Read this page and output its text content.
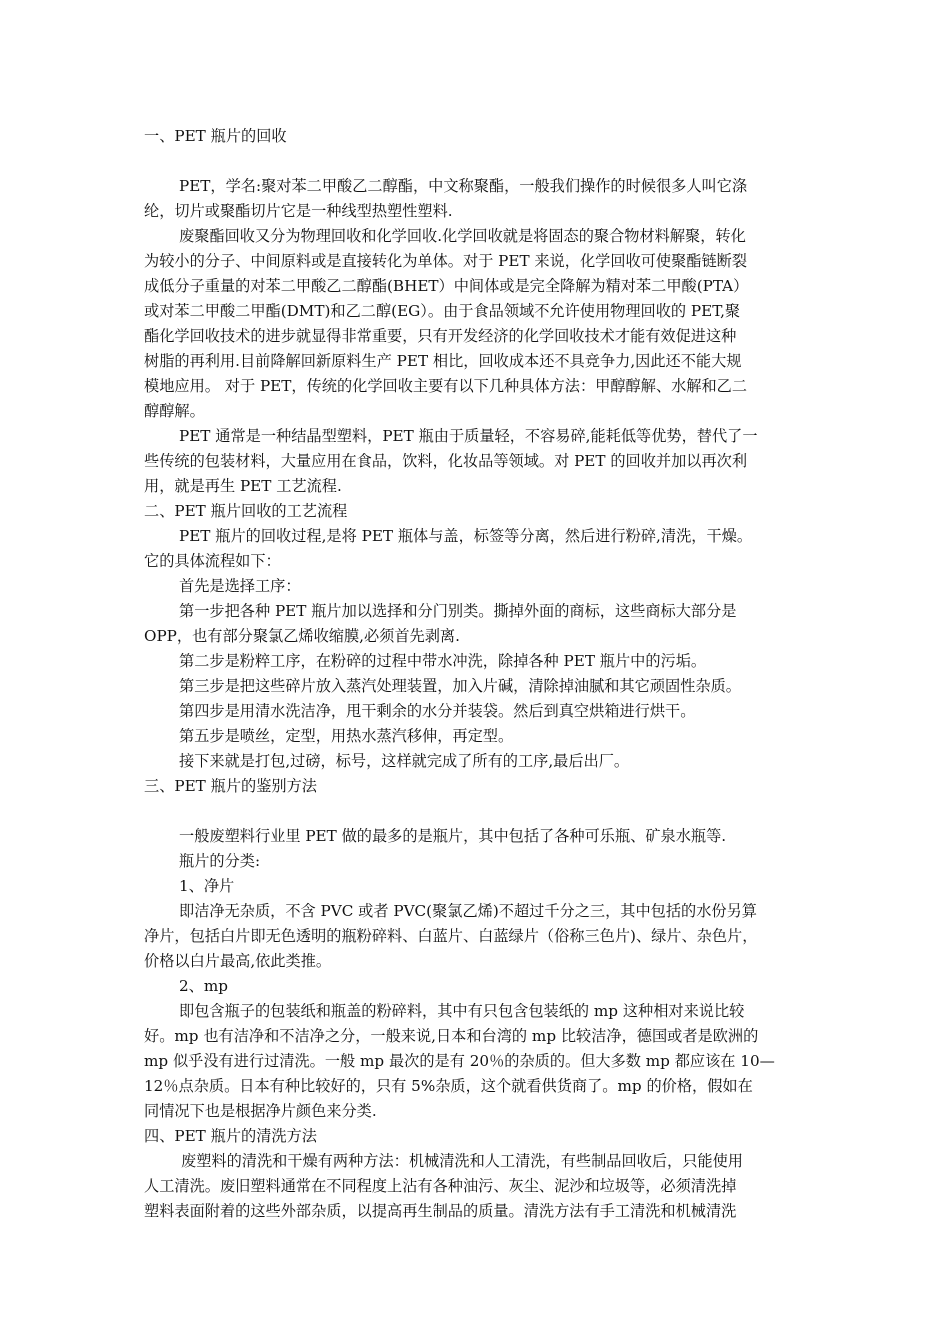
一、PET 瓶片的回收
PET，学名:聚对苯二甲酸乙二醇酯，中文称聚酯，一般我们操作的时候很多人叫它涤
纶，切片或聚酯切片它是一种线型热塑性塑料.
废聚酯回收又分为物理回收和化学回收.化学回收就是将固态的聚合物材料解聚，转化
为较小的分子、中间原料或是直接转化为单体。对于 PET 来说，化学回收可使聚酯链断裂
成低分子重量的对苯二甲酸乙二醇酯(BHET）中间体或是完全降解为精对苯二甲酸(PTA）
或对苯二甲酸二甲酯(DMT)和乙二醇(EG）。由于食品领域不允许使用物理回收的 PET,聚
酯化学回收技术的进步就显得非常重要，只有开发经济的化学回收技术才能有效促进这种
树脂的再利用.目前降解回新原料生产 PET 相比，回收成本还不具竞争力,因此还不能大规
模地应用。 对于 PET，传统的化学回收主要有以下几种具体方法：甲醇醇解、水解和乙二
醇醇解。
PET 通常是一种结晶型塑料，PET 瓶由于质量轻，不容易碎,能耗低等优势，替代了一
些传统的包装材料，大量应用在食品，饮料，化妆品等领域。对 PET 的回收并加以再次利
用，就是再生 PET 工艺流程.
二、PET 瓶片回收的工艺流程
PET 瓶片的回收过程,是将 PET 瓶体与盖，标签等分离，然后进行粉碎,清洗，干燥。
它的具体流程如下：
首先是选择工序：
第一步把各种 PET 瓶片加以选择和分门别类。撕掉外面的商标，这些商标大部分是
OPP，也有部分聚氯乙烯收缩膜,必须首先剥离.
第二步是粉粹工序，在粉碎的过程中带水冲洗，除掉各种 PET 瓶片中的污垢。
第三步是把这些碎片放入蒸汽处理装置，加入片碱，清除掉油腻和其它顽固性杂质。
第四步是用清水洗洁净，甩干剩余的水分并装袋。然后到真空烘箱进行烘干。
第五步是喷丝，定型，用热水蒸汽移伸，再定型。
接下来就是打包,过磅，标号，这样就完成了所有的工序,最后出厂。
三、PET 瓶片的鉴别方法
一般废塑料行业里 PET 做的最多的是瓶片，其中包括了各种可乐瓶、矿泉水瓶等.
瓶片的分类:
1、净片
即洁净无杂质，不含 PVC 或者 PVC(聚氯乙烯)不超过千分之三，其中包括的水份另算
净片，包括白片即无色透明的瓶粉碎料、白蓝片、白蓝绿片（俗称三色片)、绿片、杂色片，
价格以白片最高,依此类推。
2、mp
即包含瓶子的包装纸和瓶盖的粉碎料，其中有只包含包装纸的 mp 这种相对来说比较
好。mp 也有洁净和不洁净之分，一般来说,日本和台湾的 mp 比较洁净，德国或者是欧洲的
mp 似乎没有进行过清洗。一般 mp 最次的是有 20％的杂质的。但大多数 mp 都应该在 10—
12％点杂质。日本有种比较好的，只有 5%杂质，这个就看供货商了。mp 的价格，假如在
同情况下也是根据净片颜色来分类.
四、PET 瓶片的清洗方法
废塑料的清洗和干燥有两种方法：机械清洗和人工清洗，有些制品回收后，只能使用
人工清洗。废旧塑料通常在不同程度上沾有各种油污、灰尘、泥沙和垃圾等，必须清洗掉
塑料表面附着的这些外部杂质，以提高再生制品的质量。清洗方法有手工清洗和机械清洗
